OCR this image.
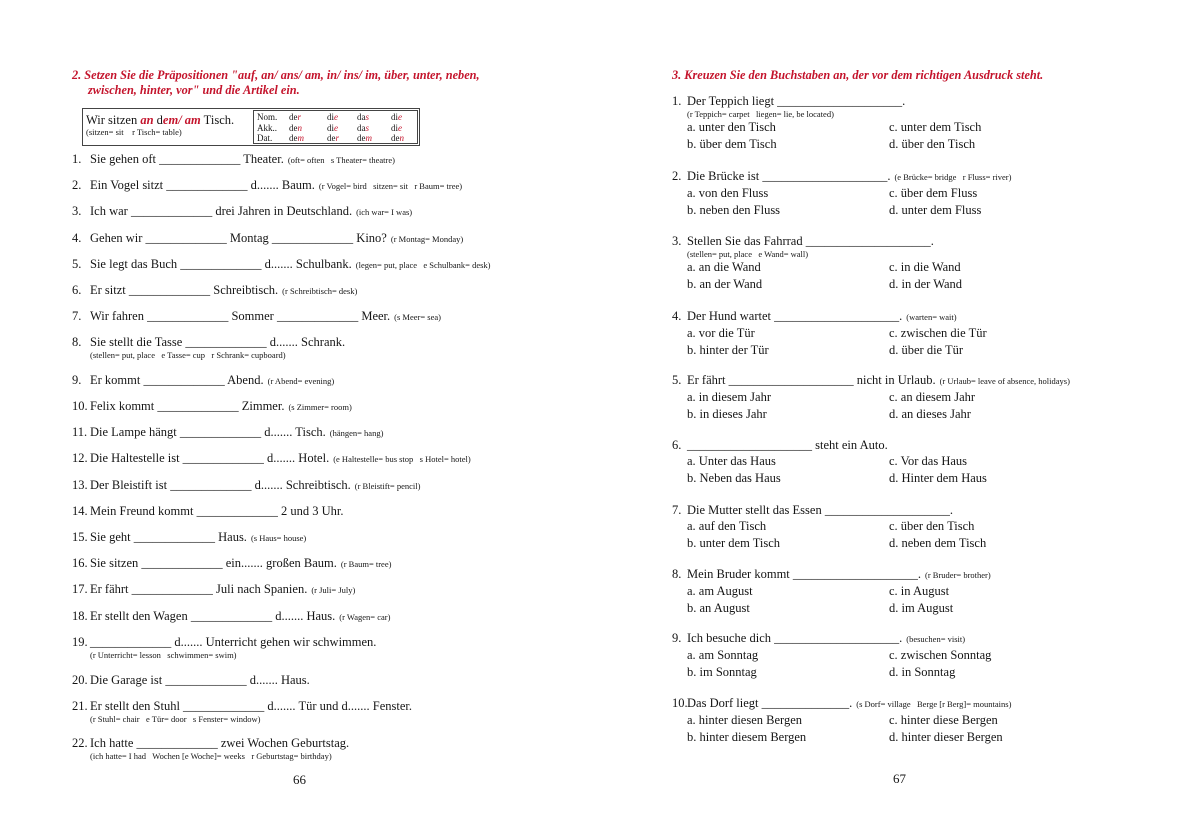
2. Setzen Sie die Präpositionen "auf, an/ ans/ am, in/ ins/ im, über, unter, neben,
zwischen, hinter, vor" und die Artikel ein.
Wir sitzen an dem/ am Tisch.
(sitzen= sit    r Tisch= table)
Nom. der	die das die
Akk.. den	die das die
Dat. dem	der dem den
1. Sie gehen oft _____________ Theater. (oft= often   s Theater= theatre)
2. Ein Vogel sitzt _____________ d....... Baum. (r Vogel= bird   sitzen= sit   r Baum= tree)
3. Ich war _____________ drei Jahren in Deutschland. (ich war= I was)
4. Gehen wir _____________ Montag _____________ Kino? (r Montag= Monday)
5. Sie legt das Buch _____________ d....... Schulbank. (legen= put, place   e Schulbank= desk)
6. Er sitzt _____________ Schreibtisch. (r Schreibtisch= desk)
7. Wir fahren _____________ Sommer _____________ Meer. (s Meer= sea)
8. Sie stellt die Tasse _____________ d....... Schrank.
(stellen= put, place   e Tasse= cup   r Schrank= cupboard)
9. Er kommt _____________ Abend. (r Abend= evening)
10. Felix kommt _____________ Zimmer. (s Zimmer= room)
11. Die Lampe hängt _____________ d....... Tisch. (hängen= hang)
12. Die Haltestelle ist _____________ d....... Hotel. (e Haltestelle= bus stop   s Hotel= hotel)
13. Der Bleistift ist _____________ d....... Schreibtisch. (r Bleistift= pencil)
14. Mein Freund kommt _____________ 2 und 3 Uhr.
15. Sie geht _____________ Haus. (s Haus= house)
16. Sie sitzen _____________ ein....... großen Baum. (r Baum= tree)
17. Er fährt _____________ Juli nach Spanien. (r Juli= July)
18. Er stellt den Wagen _____________ d....... Haus. (r Wagen= car)
19. _____________ d....... Unterricht gehen wir schwimmen.
(r Unterricht= lesson   schwimmen= swim)
20. Die Garage ist _____________ d....... Haus.
21. Er stellt den Stuhl _____________ d....... Tür und d....... Fenster.
(r Stuhl= chair   e Tür= door   s Fenster= window)
22. Ich hatte _____________ zwei Wochen Geburtstag.
(ich hatte= I had   Wochen [e Woche]= weeks   r Geburtstag= birthday)
66
3. Kreuzen Sie den Buchstaben an, der vor dem richtigen Ausdruck steht.
1. Der Teppich liegt ____________________.
(r Teppich= carpet   liegen= lie, be located)
a. unter den Tisch	c. unter dem Tisch
b. über dem Tisch	d. über den Tisch
2. Die Brücke ist ____________________. (e Brücke= bridge   r Fluss= river)
a. von den Fluss	c. über dem Fluss
b. neben den Fluss	d. unter dem Fluss
3. Stellen Sie das Fahrrad ____________________.
(stellen= put, place   e Wand= wall)
a. an die Wand	c. in die Wand
b. an der Wand	d. in der Wand
4. Der Hund wartet ____________________. (warten= wait)
a. vor die Tür	c. zwischen die Tür
b. hinter der Tür	d. über die Tür
5. Er fährt ____________________ nicht in Urlaub. (r Urlaub= leave of absence, holidays)
a. in diesem Jahr	c. an diesem Jahr
b. in dieses Jahr	d. an dieses Jahr
6. ____________________ steht ein Auto.
a. Unter das Haus	c. Vor das Haus
b. Neben das Haus	d. Hinter dem Haus
7. Die Mutter stellt das Essen ____________________.
a. auf den Tisch	c. über den Tisch
b. unter dem Tisch	d. neben dem Tisch
8. Mein Bruder kommt ____________________. (r Bruder= brother)
a. am August	c. in August
b. an August	d. im August
9. Ich besuche dich ____________________. (besuchen= visit)
a. am Sonntag	c. zwischen Sonntag
b. im Sonntag	d. in Sonntag
10.Das Dorf liegt ______________. (s Dorf= village   Berge [r Berg]= mountains)
a. hinter diesen Bergen	c. hinter diese Bergen
b. hinter diesem Bergen	d. hinter dieser Bergen
67
